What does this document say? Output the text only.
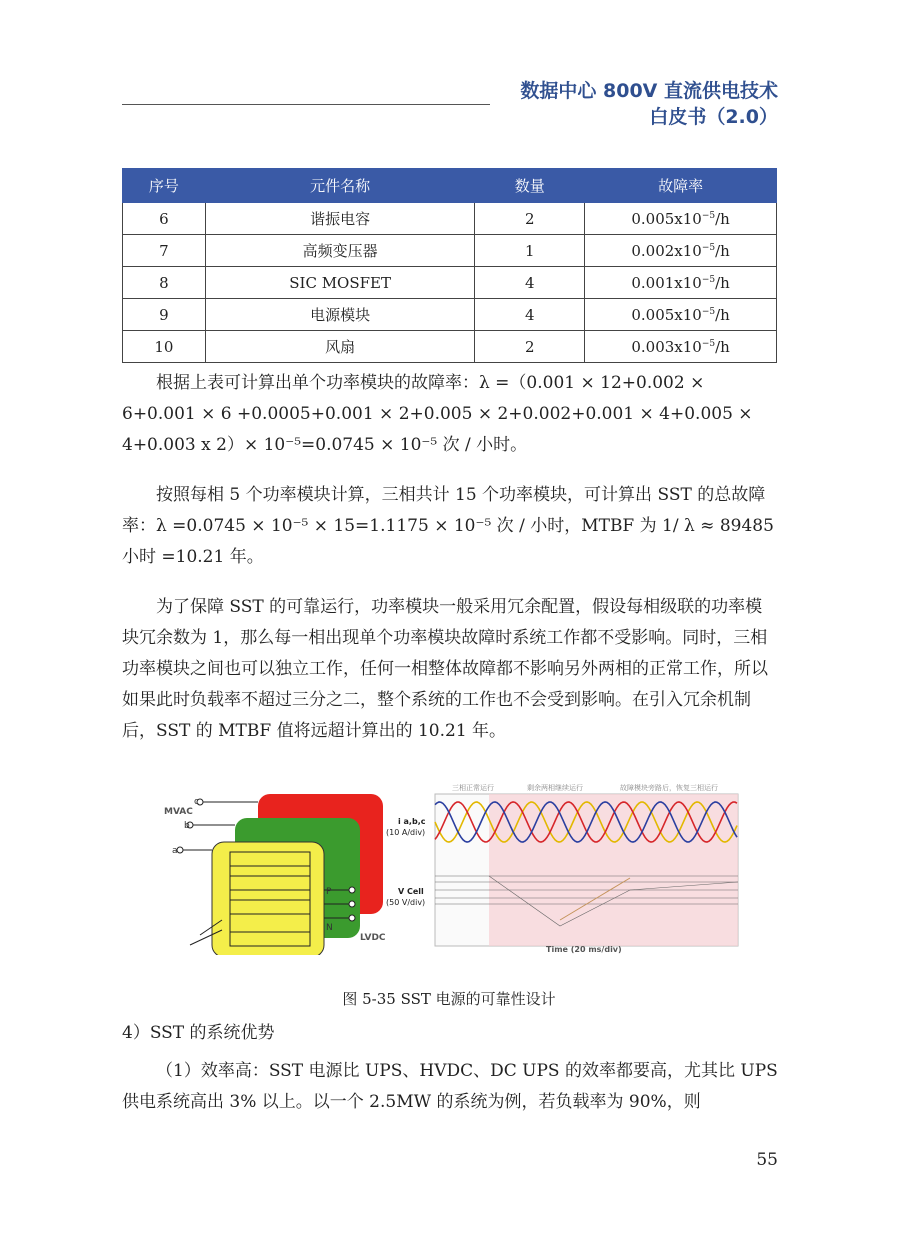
数据中心 800V 直流供电技术
白皮书（2.0）
序号	元件名称	数量	故障率
6	谐振电容	2	$0.005x10^{-5}/h$
7	高频变压器	1	$0.002x10^{-5}/h$
8	SIC MOSFET	4	$0.001x10^{-5}/h$
9	电源模块	4	$0.005x10^{-5}/h$
10	风扇	2	$0.003x10^{-5}/h$
根据上表可计算出单个功率模块的故障率：λ =（0.001 × 12+0.002 × 6+0.001 × 6 +0.0005+0.001 × 2+0.005 × 2+0.002+0.001 × 4+0.005 × 4+0.003 x 2）× 10⁻⁵=0.0745 × 10⁻⁵ 次 / 小时。
按照每相 5 个功率模块计算，三相共计 15 个功率模块，可计算出 SST 的总故障率：λ =0.0745 × 10⁻⁵ × 15=1.1175 × 10⁻⁵ 次 / 小时，MTBF 为 1/ λ ≈ 89485 小时 =10.21 年。
为了保障 SST 的可靠运行，功率模块一般采用冗余配置，假设每相级联的功率模块冗余数为 1，那么每一相出现单个功率模块故障时系统工作都不受影响。同时，三相功率模块之间也可以独立工作，任何一相整体故障都不影响另外两相的正常工作，所以如果此时负载率不超过三分之二，整个系统的工作也不会受到影响。在引入冗余机制后，SST 的 MTBF 值将远超计算出的 10.21 年。
MVAC
c
b
a
P
N
LVDC
三相正常运行	剩余两相继续运行	故障模块旁路后，恢复三相运行
i a,b,c
(10 A/div)
V Cell
(50 V/div)
Time (20 ms/div)
图 5-35 SST 电源的可靠性设计
4）SST 的系统优势
（1）效率高：SST 电源比 UPS、HVDC、DC UPS 的效率都要高，尤其比 UPS 供电系统高出 3% 以上。以一个 2.5MW 的系统为例，若负载率为 90%，则
55
